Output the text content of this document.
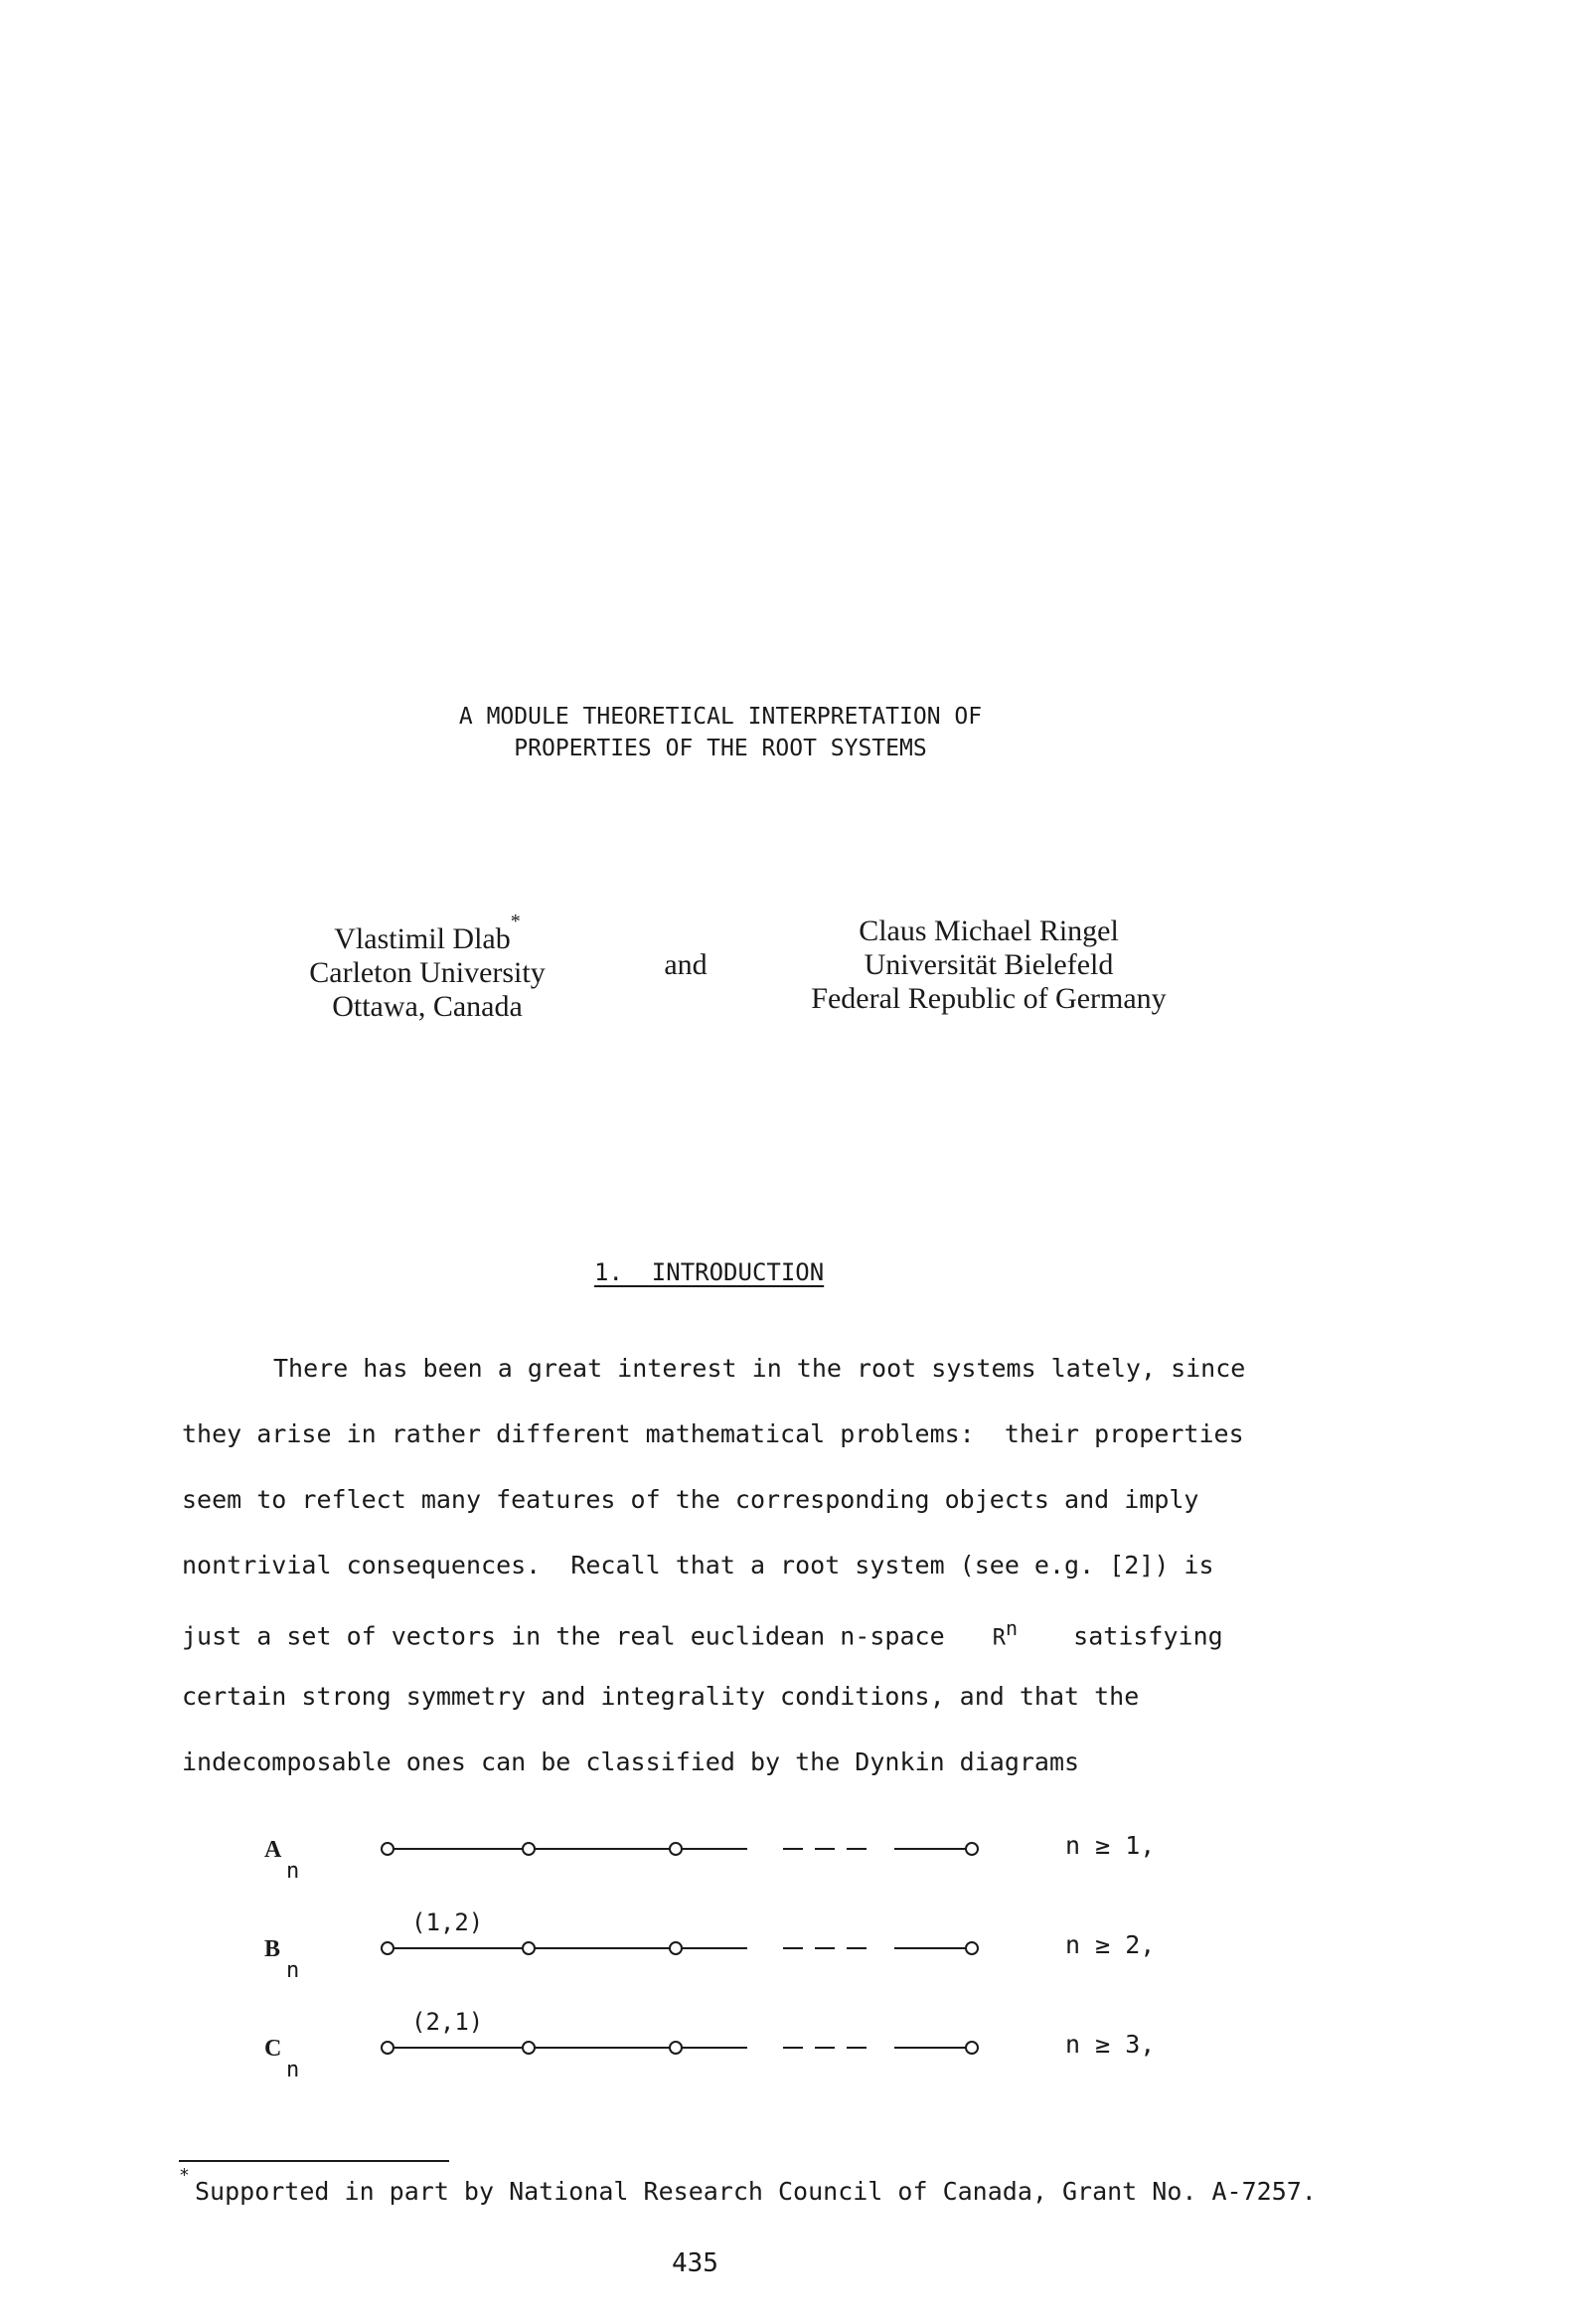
A MODULE THEORETICAL INTERPRETATION OF
PROPERTIES OF THE ROOT SYSTEMS
Vlastimil Dlab*
Carleton University
Ottawa, Canada
and
Claus Michael Ringel
Universität Bielefeld
Federal Republic of Germany
1.  INTRODUCTION
There has been a great interest in the root systems lately, since
they arise in rather different mathematical problems:  their properties
seem to reflect many features of the corresponding objects and imply
nontrivial consequences.  Recall that a root system (see e.g. [2]) is
just a set of vectors in the real euclidean n-space $R^n$ satisfying
certain strong symmetry and integrality conditions, and that the
indecomposable ones can be classified by the Dynkin diagrams
A
n
n ≥ 1,
B
n
(1,2)
n ≥ 2,
C
n
(2,1)
n ≥ 3,
*
Supported in part by National Research Council of Canada, Grant No. A-7257.
435
